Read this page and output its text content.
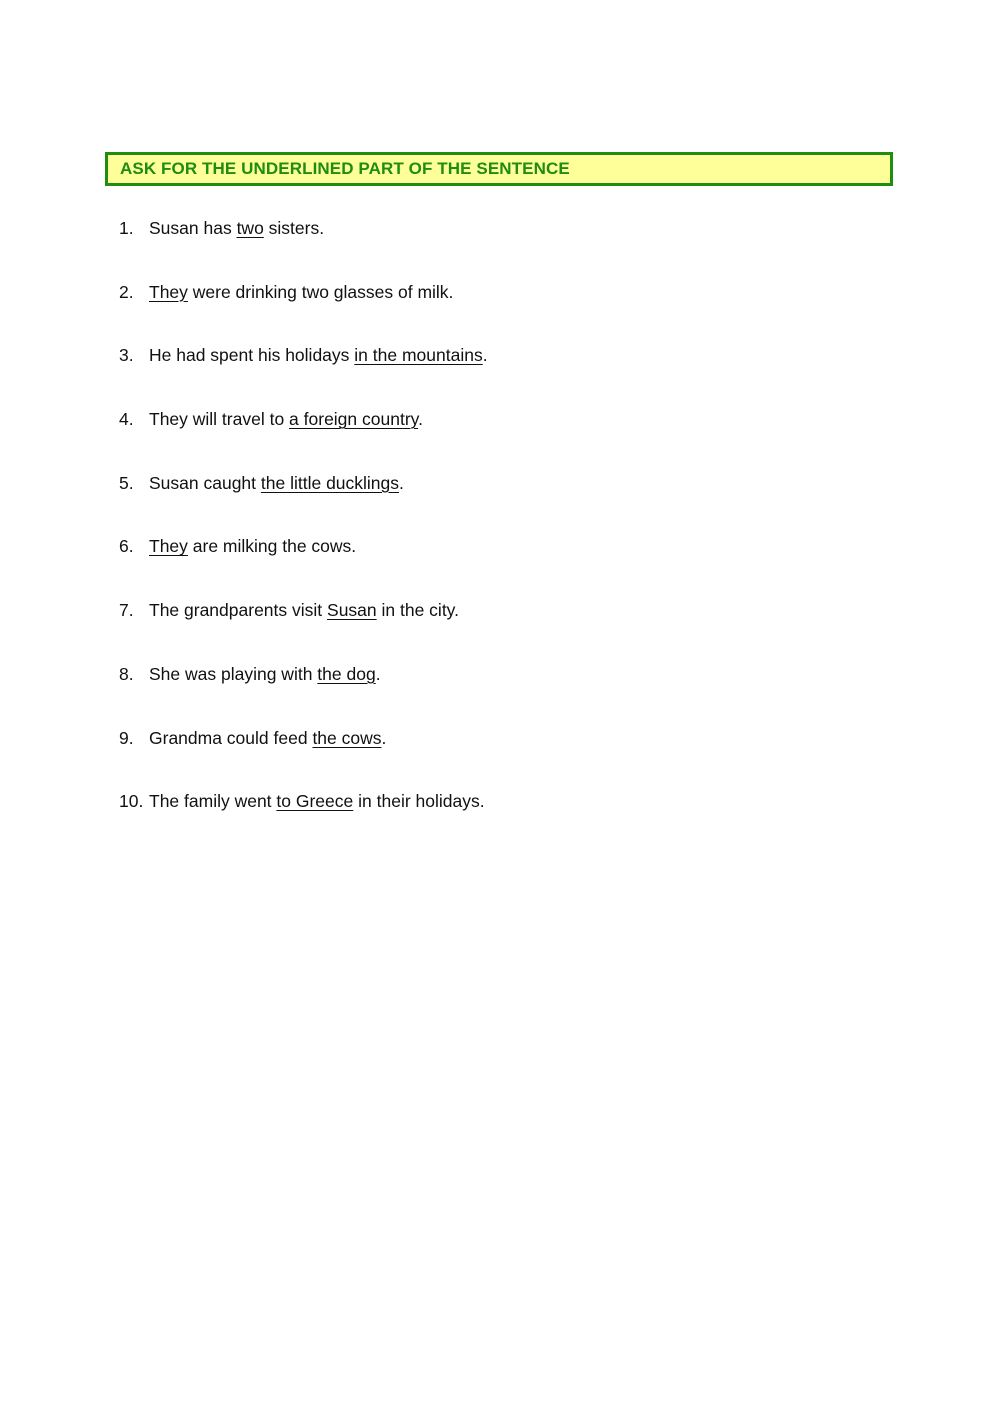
ASK FOR THE UNDERLINED PART OF THE SENTENCE
1. Susan has two sisters.
2. They were drinking two glasses of milk.
3. He had spent his holidays in the mountains.
4. They will travel to a foreign country.
5. Susan caught the little ducklings.
6. They are milking the cows.
7. The grandparents visit Susan in the city.
8. She was playing with the dog.
9. Grandma could feed the cows.
10. The family went to Greece in their holidays.
